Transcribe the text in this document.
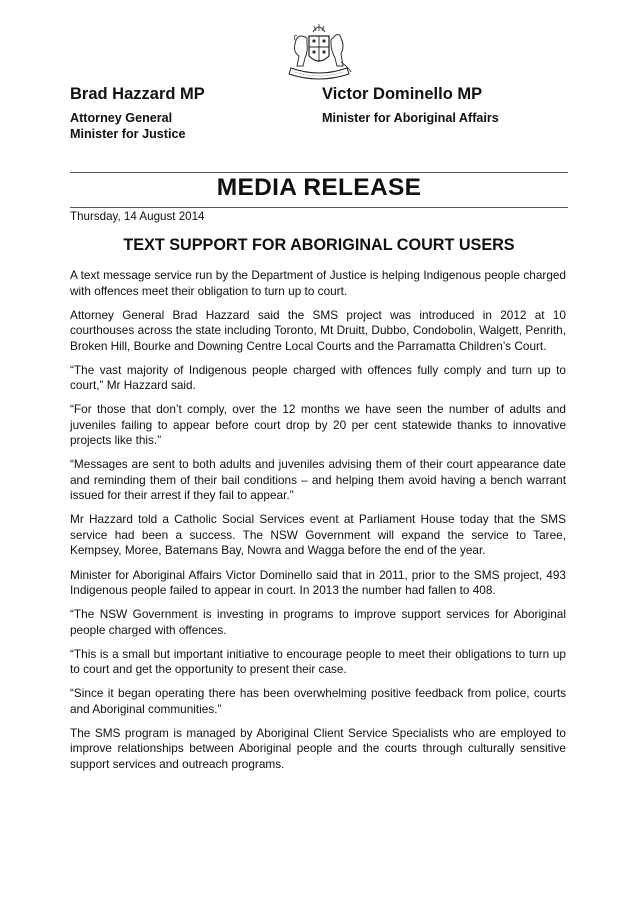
Brad Hazzard MP

Attorney General

Minister for Justice

Victor Dominello MP

Minister for Aboriginal Affairs

MEDIA RELEASE
Thursday, 14 August 2014
TEXT SUPPORT FOR ABORIGINAL COURT USERS

A text message service run by the Department of Justice is helping Indigenous people charged with offences meet their obligation to turn up to court.

Attorney General Brad Hazzard said the SMS project was introduced in 2012 at 10 courthouses across the state including Toronto, Mt Druitt, Dubbo, Condobolin, Walgett, Penrith, Broken Hill, Bourke and Downing Centre Local Courts and the Parramatta Children’s Court.

“The vast majority of Indigenous people charged with offences fully comply and turn up to court,” Mr Hazzard said.

“For those that don’t comply, over the 12 months we have seen the number of adults and juveniles failing to appear before court drop by 20 per cent statewide thanks to innovative projects like this.”

“Messages are sent to both adults and juveniles advising them of their court appearance date and reminding them of their bail conditions – and helping them avoid having a bench warrant issued for their arrest if they fail to appear.”

Mr Hazzard told a Catholic Social Services event at Parliament House today that the SMS service had been a success. The NSW Government will expand the service to Taree, Kempsey, Moree, Batemans Bay, Nowra and Wagga before the end of the year.

Minister for Aboriginal Affairs Victor Dominello said that in 2011, prior to the SMS project, 493 Indigenous people failed to appear in court. In 2013 the number had fallen to 408.

“The NSW Government is investing in programs to improve support services for Aboriginal people charged with offences.

“This is a small but important initiative to encourage people to meet their obligations to turn up to court and get the opportunity to present their case.

“Since it began operating there has been overwhelming positive feedback from police, courts and Aboriginal communities.”

The SMS program is managed by Aboriginal Client Service Specialists who are employed to improve relationships between Aboriginal people and the courts through culturally sensitive support services and outreach programs.
